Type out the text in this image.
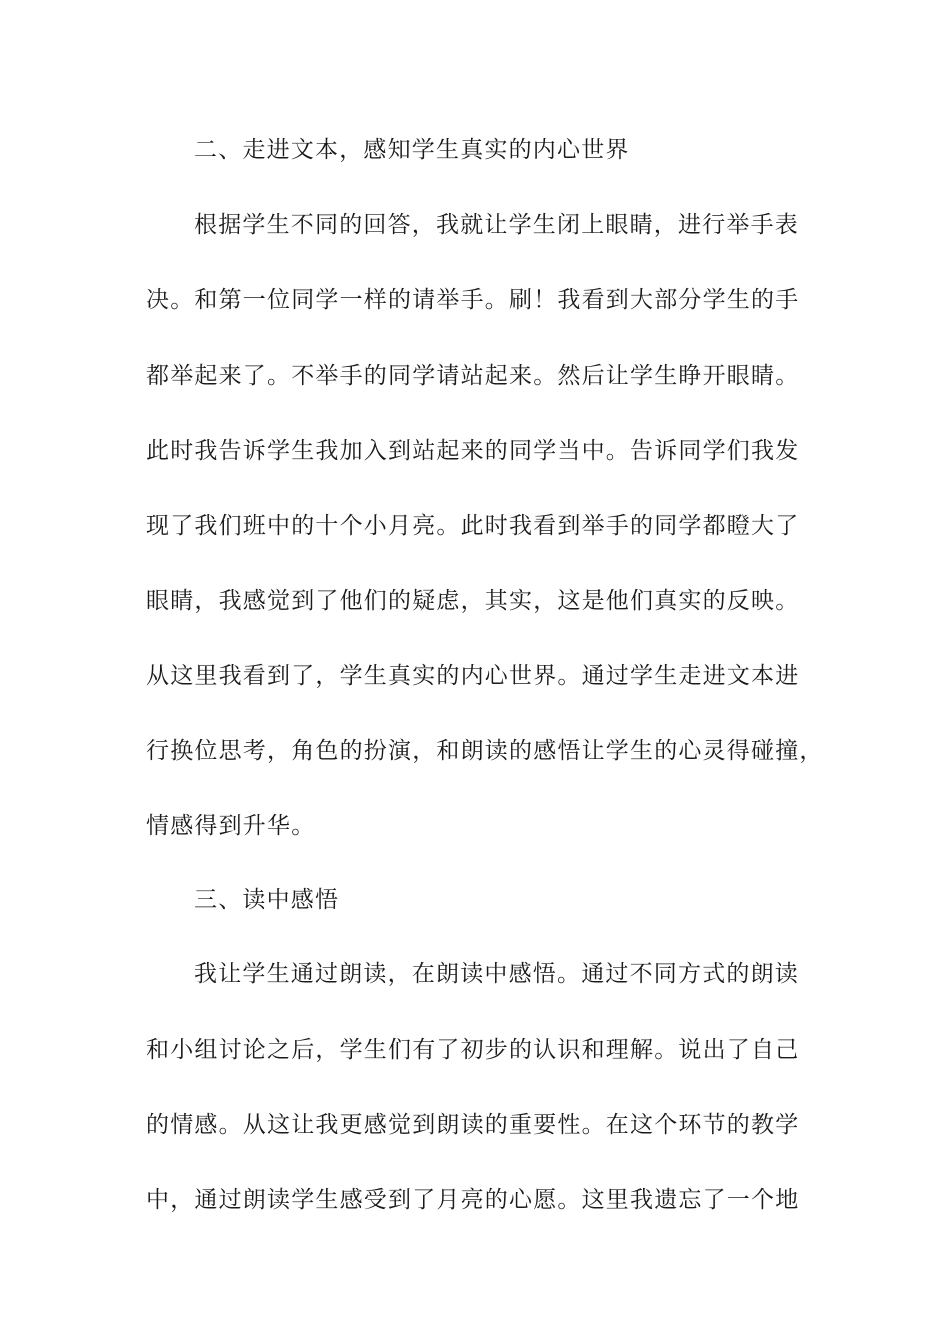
二、走进文本，感知学生真实的内心世界
根据学生不同的回答，我就让学生闭上眼睛，进行举手表
决。和第一位同学一样的请举手。刷！我看到大部分学生的手
都举起来了。不举手的同学请站起来。然后让学生睁开眼睛。
此时我告诉学生我加入到站起来的同学当中。告诉同学们我发
现了我们班中的十个小月亮。此时我看到举手的同学都瞪大了
眼睛，我感觉到了他们的疑虑，其实，这是他们真实的反映。
从这里我看到了，学生真实的内心世界。通过学生走进文本进
行换位思考，角色的扮演，和朗读的感悟让学生的心灵得碰撞，
情感得到升华。
三、读中感悟
我让学生通过朗读，在朗读中感悟。通过不同方式的朗读
和小组讨论之后，学生们有了初步的认识和理解。说出了自己
的情感。从这让我更感觉到朗读的重要性。在这个环节的教学
中，通过朗读学生感受到了月亮的心愿。这里我遗忘了一个地
